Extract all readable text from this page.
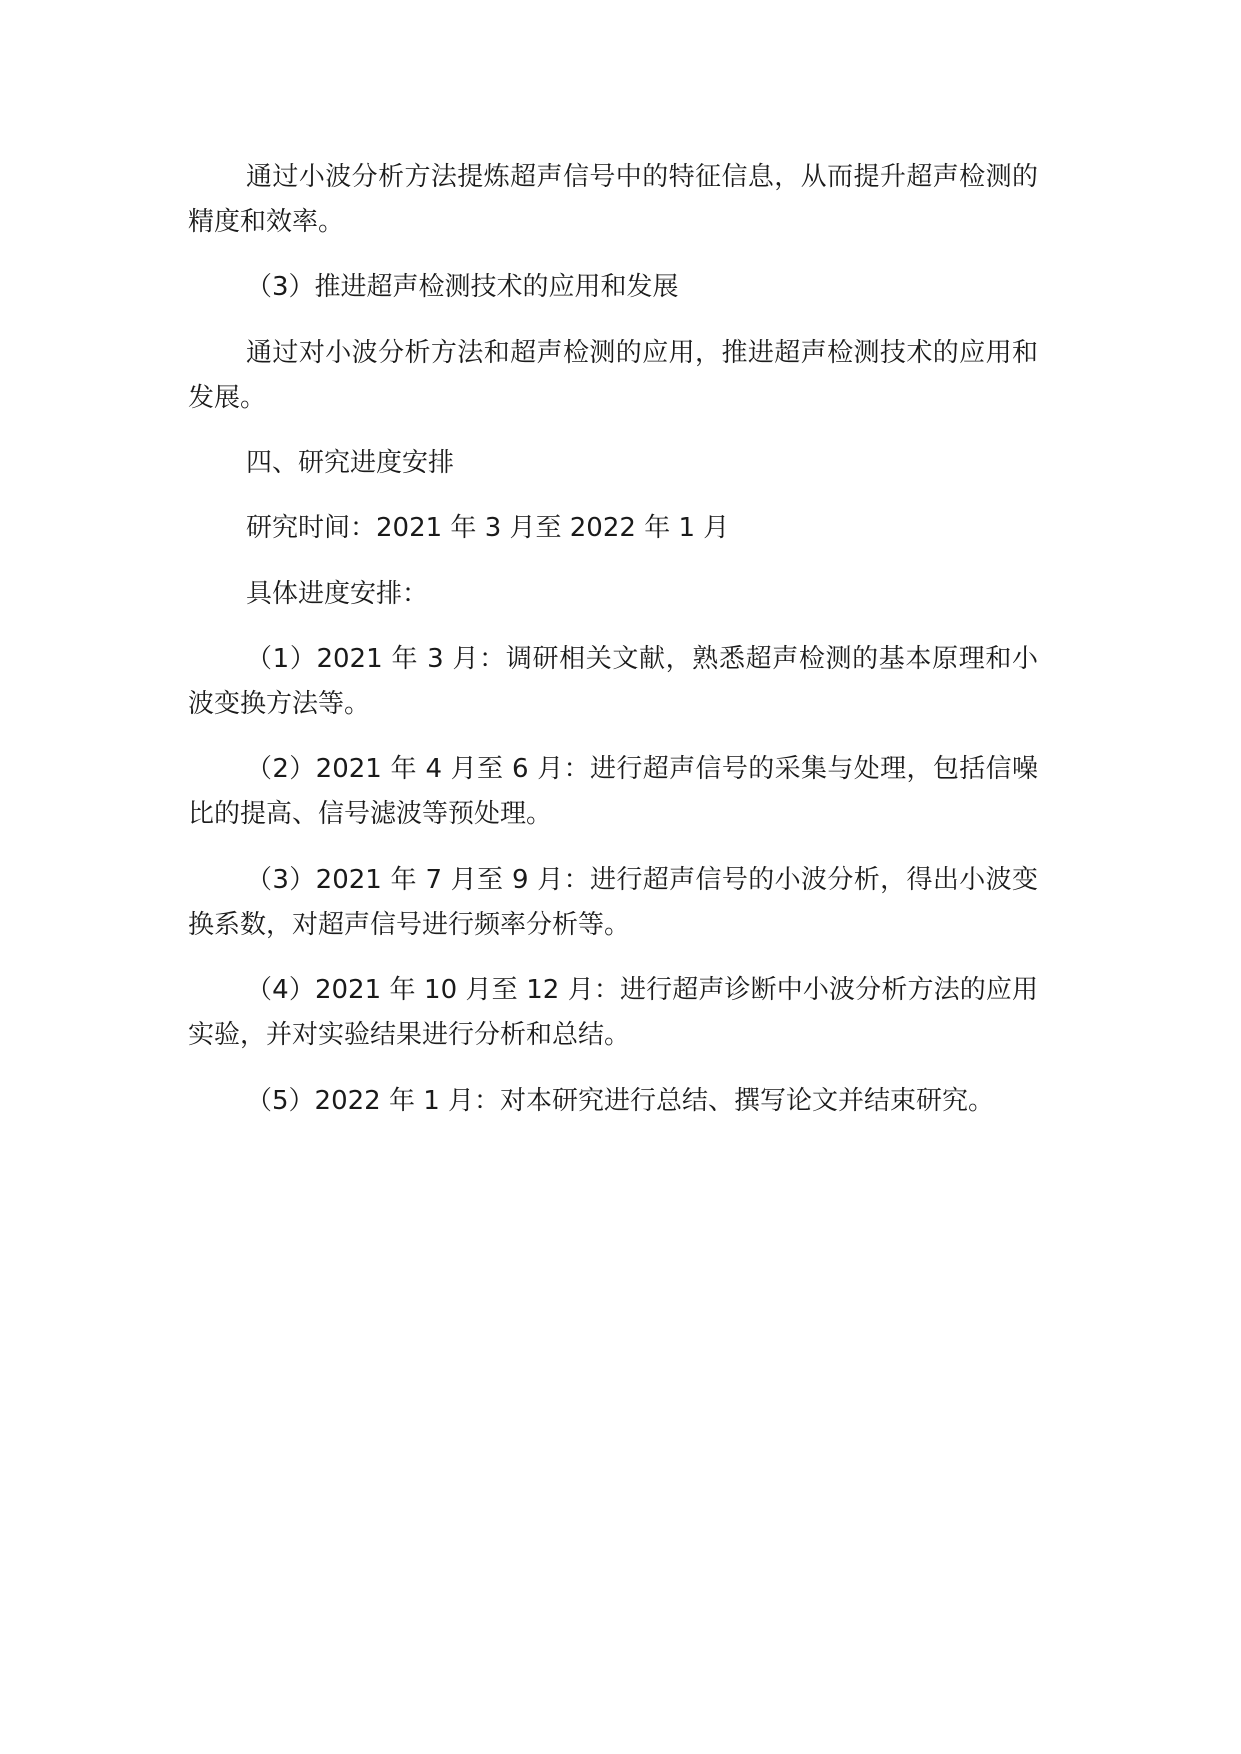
通过小波分析方法提炼超声信号中的特征信息，从而提升超声检测的精度和效率。

（3）推进超声检测技术的应用和发展

通过对小波分析方法和超声检测的应用，推进超声检测技术的应用和发展。

四、研究进度安排

研究时间：2021 年 3 月至 2022 年 1 月

具体进度安排：

（1）2021 年 3 月：调研相关文献，熟悉超声检测的基本原理和小波变换方法等。

（2）2021 年 4 月至 6 月：进行超声信号的采集与处理，包括信噪比的提高、信号滤波等预处理。

（3）2021 年 7 月至 9 月：进行超声信号的小波分析，得出小波变换系数，对超声信号进行频率分析等。

（4）2021 年 10 月至 12 月：进行超声诊断中小波分析方法的应用实验，并对实验结果进行分析和总结。

（5）2022 年 1 月：对本研究进行总结、撰写论文并结束研究。
